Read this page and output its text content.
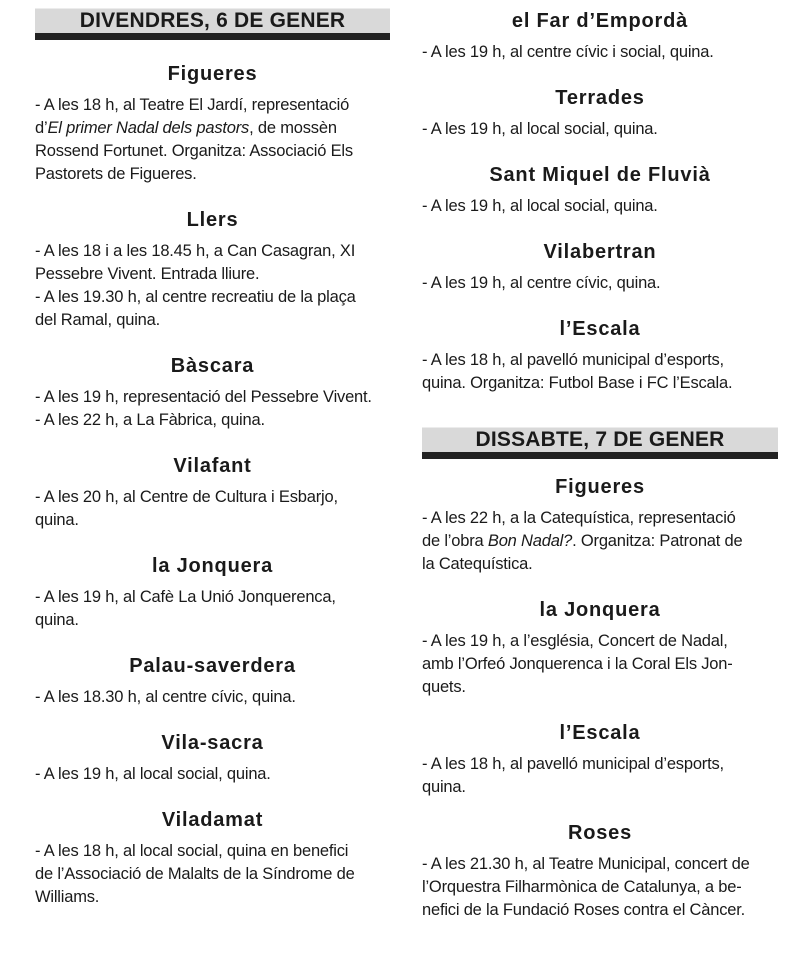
DIVENDRES, 6 DE GENER
Figueres

- A les 18 h, al Teatre El Jardí, representació
d’El primer Nadal dels pastors, de mossèn
Rossend Fortunet. Organitza: Associació Els
Pastorets de Figueres.

Llers

- A les 18 i a les 18.45 h, a Can Casagran, XI
Pessebre Vivent. Entrada lliure.
- A les 19.30 h, al centre recreatiu de la plaça
del Ramal, quina.

Bàscara

- A les 19 h, representació del Pessebre Vivent.
- A les 22 h, a La Fàbrica, quina.

Vilafant

- A les 20 h, al Centre de Cultura i Esbarjo,
quina.

la Jonquera

- A les 19 h, al Cafè La Unió Jonquerenca,
quina.

Palau-saverdera

- A les 18.30 h, al centre cívic, quina.

Vila-sacra

- A les 19 h, al local social, quina.

Viladamat

- A les 18 h, al local social, quina en benefici
de l’Associació de Malalts de la Síndrome de
Williams.

el Far d’Empordà

- A les 19 h, al centre cívic i social, quina.

Terrades

- A les 19 h, al local social, quina.

Sant Miquel de Fluvià

- A les 19 h, al local social, quina.

Vilabertran

- A les 19 h, al centre cívic, quina.

l’Escala

- A les 18 h, al pavelló municipal d’esports,
quina. Organitza: Futbol Base i FC l’Escala.

DISSABTE, 7 DE GENER
Figueres

- A les 22 h, a la Catequística, representació
de l’obra Bon Nadal?. Organitza: Patronat de
la Catequística.

la Jonquera

- A les 19 h, a l’església, Concert de Nadal,
amb l’Orfeó Jonquerenca i la Coral Els Jon-
quets.

l’Escala

- A les 18 h, al pavelló municipal d’esports,
quina.

Roses

- A les 21.30 h, al Teatre Municipal, concert de
l’Orquestra Filharmònica de Catalunya, a be-
nefici de la Fundació Roses contra el Càncer.
